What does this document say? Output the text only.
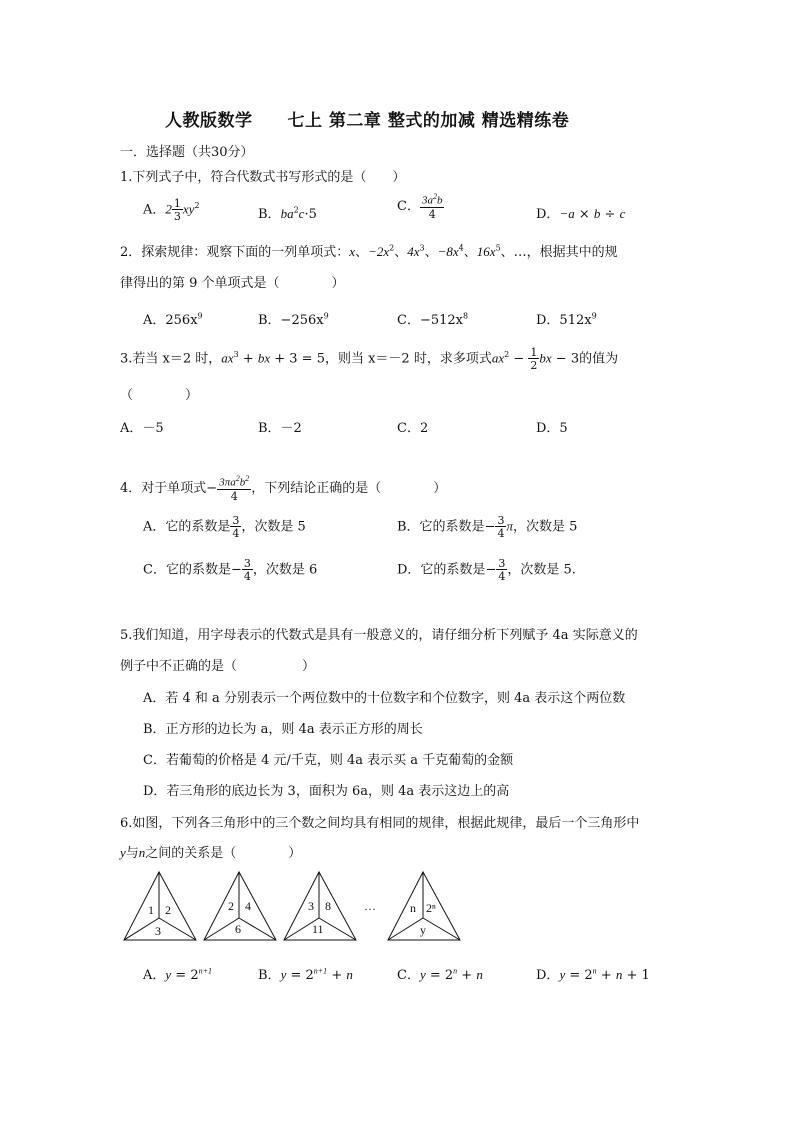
人教版数学　　七上 第二章 整式的加减 精选精练卷
一．选择题（共30分）
1.下列式子中，符合代数式书写形式的是（　　）
A．$2 \frac{1}{3} xy^2$
B．$ba^2c\cdot 5$
C． $\frac{3a^2b}{4}$	D．−a × b ÷ c
2．探索规律：观察下面的一列单项式：x、$-2x^2$、$4x^3$、$-8x^4$、$16x^5$、…，根据其中的规
律得出的第 9 个单项式是（　　　　）
A．$256x^9$	B．$-256x^9$	C．$-512x^8$	D．$512x^9$
3.若当 x＝2 时，$ax^3$ + bx + 3 = 5，则当 x＝－2 时，求多项式$ax^2 - \frac{1}{2}$ bx − 3的值为
（　　　　）
A．－5	B．－2	C．2	D．5
4．对于单项式− $\frac{3\pi a^2b^2}{4}$ ，下列结论正确的是（　　　　）
A．它的系数是 $\frac{3}{4}$ ，次数是 5	B．它的系数是− $\frac{3}{4}$ π，次数是 5
C．它的系数是− $\frac{3}{4}$ ，次数是 6	D．它的系数是− $\frac{3}{4}$ ，次数是 5.
5.我们知道，用字母表示的代数式是具有一般意义的，请仔细分析下列赋予 4a 实际意义的
例子中不正确的是（　　　　　）
A．若 4 和 a 分别表示一个两位数中的十位数字和个位数字，则 4a 表示这个两位数
B．正方形的边长为 a，则 4a 表示正方形的周长
C．若葡萄的价格是 4 元/千克，则 4a 表示买 a 千克葡萄的金额
D．若三角形的底边长为 3，面积为 6a，则 4a 表示这边上的高
6.如图，下列各三角形中的三个数之间均具有相同的规律，根据此规律，最后一个三角形中
y与n之间的关系是（　　　　）
1 2
3
2 4
6
3 8
11
…	n 2ⁿ
y
A．$y = 2^{n+1}$	B．$y = 2^{n+1} + n$	C．$y = 2^n + n$	D．$y = 2^n + n + 1$
